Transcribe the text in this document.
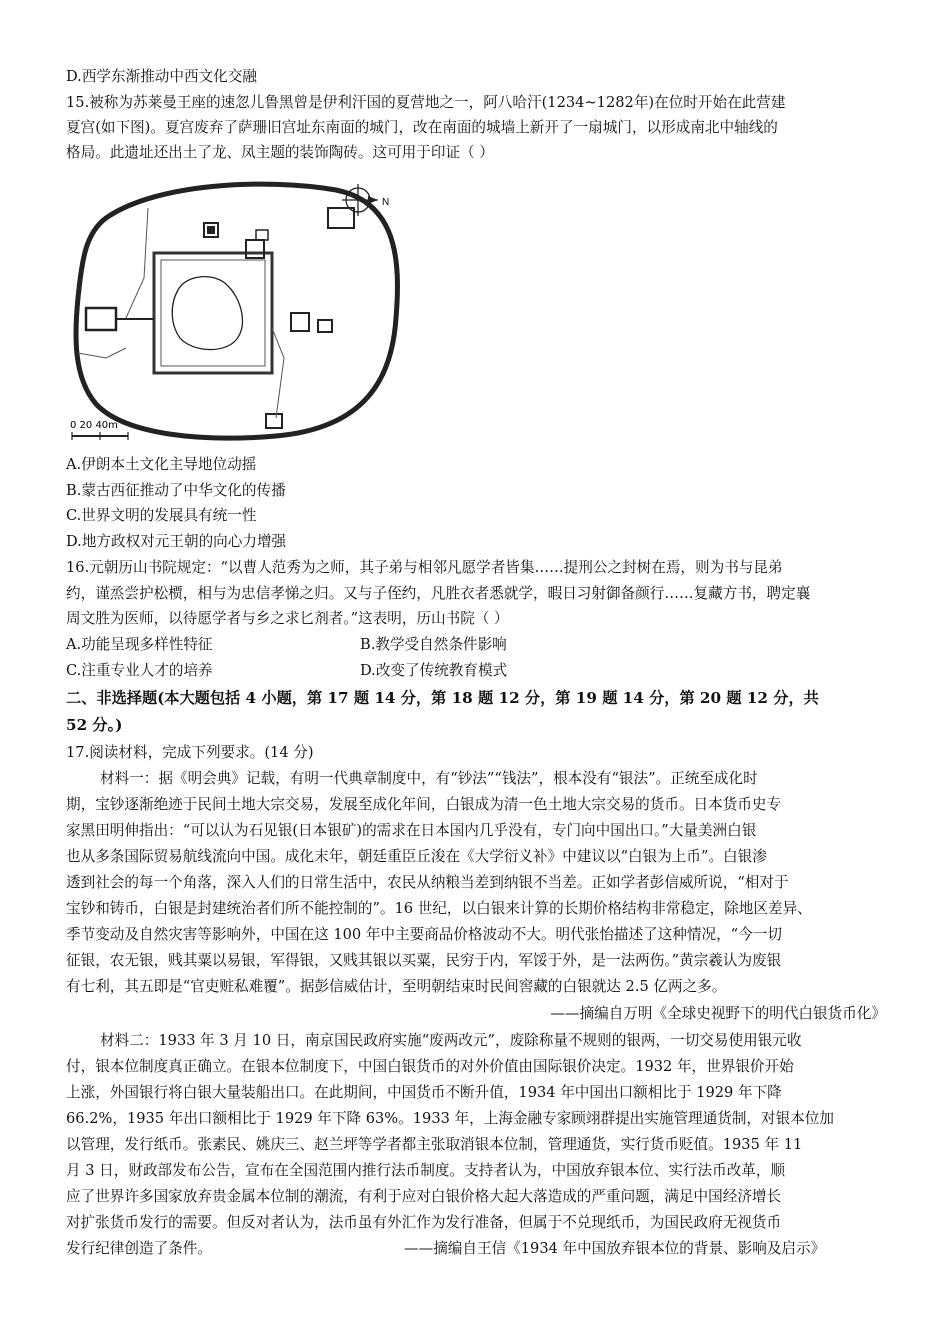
D.西学东渐推动中西文化交融
15.被称为苏莱曼王座的速忽儿鲁黑曾是伊利汗国的夏营地之一，阿八哈汗(1234~1282年)在位时开始在此营建
夏宫(如下图)。夏宫废弃了萨珊旧宫址东南面的城门，改在南面的城墙上新开了一扇城门，以形成南北中轴线的
格局。此遗址还出土了龙、凤主题的装饰陶砖。这可用于印证（ ）
N
0 20 40m
A.伊朗本土文化主导地位动摇
B.蒙古西征推动了中华文化的传播
C.世界文明的发展具有统一性
D.地方政权对元王朝的向心力增强
16.元朝历山书院规定：“以曹人范秀为之师，其子弟与相邻凡愿学者皆集……提刑公之封树在焉，则为书与昆弟
约，谨烝尝护松槚，相与为忠信孝悌之归。又与子侄约，凡胜衣者悉就学，暇日习射御备颜行……复藏方书，聘定襄
周文胜为医师，以待愿学者与乡之求匕剂者。”这表明，历山书院（ ）
A.功能呈现多样性特征	B.教学受自然条件影响
C.注重专业人才的培养	D.改变了传统教育模式
二、非选择题(本大题包括 4 小题，第 17 题 14 分，第 18 题 12 分，第 19 题 14 分，第 20 题 12 分，共
52 分。)
17.阅读材料，完成下列要求。(14 分)
材料一：据《明会典》记载，有明一代典章制度中，有“钞法”“钱法”，根本没有“银法”。正统至成化时
期，宝钞逐渐绝迹于民间土地大宗交易，发展至成化年间，白银成为清一色土地大宗交易的货币。日本货币史专
家黑田明伸指出：“可以认为石见银(日本银矿)的需求在日本国内几乎没有，专门向中国出口。”大量美洲白银
也从多条国际贸易航线流向中国。成化末年，朝廷重臣丘浚在《大学衍义补》中建议以“白银为上币”。白银渗
透到社会的每一个角落，深入人们的日常生活中，农民从纳粮当差到纳银不当差。正如学者彭信威所说，“相对于
宝钞和铸币，白银是封建统治者们所不能控制的”。16 世纪，以白银来计算的长期价格结构非常稳定，除地区差异、
季节变动及自然灾害等影响外，中国在这 100 年中主要商品价格波动不大。明代张怡描述了这种情况，“今一切
征银，农无银，贱其粟以易银，军得银，又贱其银以买粟，民穷于内，军馁于外，是一法两伤。”黄宗羲认为废银
有七利，其五即是“官吏赃私难覆”。据彭信威估计，至明朝结束时民间窖藏的白银就达 2.5 亿两之多。
——摘编自万明《全球史视野下的明代白银货币化》
材料二：1933 年 3 月 10 日，南京国民政府实施“废两改元”，废除称量不规则的银两，一切交易使用银元收
付，银本位制度真正确立。在银本位制度下，中国白银货币的对外价值由国际银价决定。1932 年，世界银价开始
上涨，外国银行将白银大量装船出口。在此期间，中国货币不断升值，1934 年中国出口额相比于 1929 年下降
66.2%，1935 年出口额相比于 1929 年下降 63%。1933 年，上海金融专家顾翊群提出实施管理通货制，对银本位加
以管理，发行纸币。张素民、姚庆三、赵兰坪等学者都主张取消银本位制，管理通货，实行货币贬值。1935 年 11
月 3 日，财政部发布公告，宣布在全国范围内推行法币制度。支持者认为，中国放弃银本位、实行法币改革，顺
应了世界许多国家放弃贵金属本位制的潮流，有利于应对白银价格大起大落造成的严重问题，满足中国经济增长
对扩张货币发行的需要。但反对者认为，法币虽有外汇作为发行准备，但属于不兑现纸币，为国民政府无视货币
发行纪律创造了条件。	——摘编自王信《1934 年中国放弃银本位的背景、影响及启示》
